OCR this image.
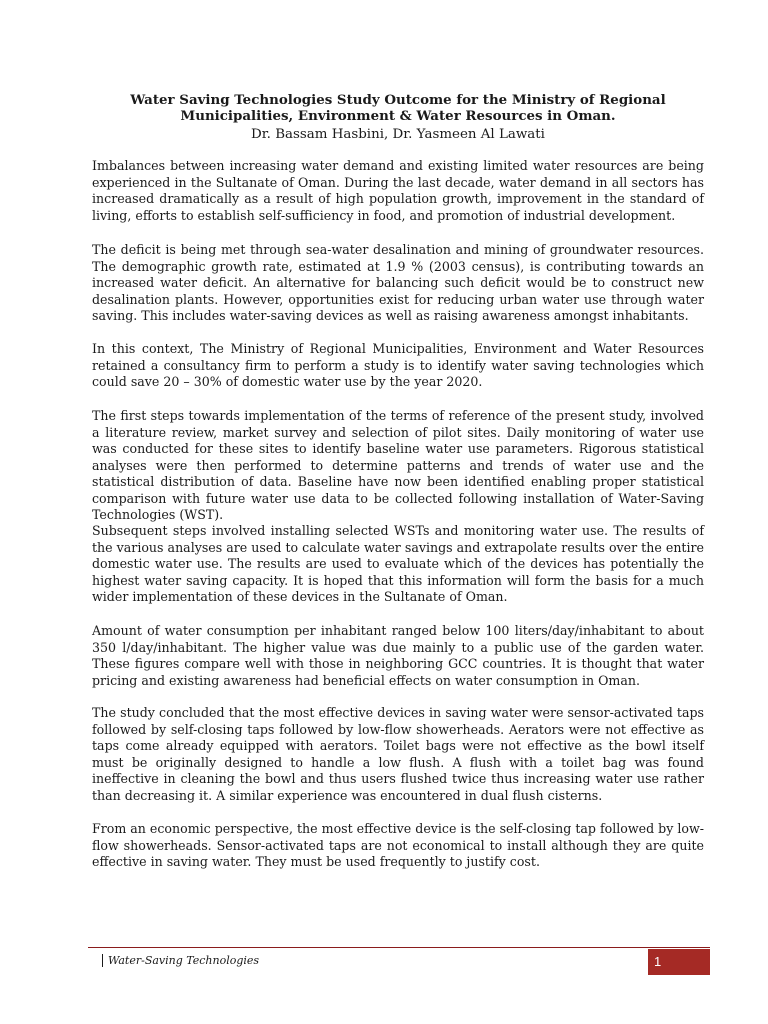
Water Saving Technologies Study Outcome for the Ministry of Regional Municipalities, Environment & Water Resources in Oman.

Dr. Bassam Hasbini, Dr. Yasmeen Al Lawati

Imbalances between increasing water demand and existing limited water resources are being experienced in the Sultanate of Oman. During the last decade, water demand in all sectors has increased dramatically as a result of high population growth, improvement in the standard of living, efforts to establish self-sufficiency in food, and promotion of industrial development.

The deficit is being met through sea-water desalination and mining of groundwater resources. The demographic growth rate, estimated at 1.9 % (2003 census), is contributing towards an increased water deficit. An alternative for balancing such deficit would be to construct new desalination plants. However, opportunities exist for reducing urban water use through water saving. This includes water-saving devices as well as raising awareness amongst inhabitants.

In this context, The Ministry of Regional Municipalities, Environment and Water Resources retained a consultancy firm to perform a study is to identify water saving technologies which could save 20 – 30% of domestic water use by the year 2020.

The first steps towards implementation of the terms of reference of the present study, involved a literature review, market survey and selection of pilot sites. Daily monitoring of water use was conducted for these sites to identify baseline water use parameters. Rigorous statistical analyses were then performed to determine patterns and trends of water use and the statistical distribution of data. Baseline have now been identified enabling proper statistical comparison with future water use data to be collected following installation of Water-Saving Technologies (WST).

Subsequent steps involved installing selected WSTs and monitoring water use. The results of the various analyses are used to calculate water savings and extrapolate results over the entire domestic water use. The results are used to evaluate which of the devices has potentially the highest water saving capacity. It is hoped that this information will form the basis for a much wider implementation of these devices in the Sultanate of Oman.

Amount of water consumption per inhabitant ranged below 100 liters/day/inhabitant to about 350 l/day/inhabitant. The higher value was due mainly to a public use of the garden water. These figures compare well with those in neighboring GCC countries. It is thought that water pricing and existing awareness had beneficial effects on water consumption in Oman.

The study concluded that the most effective devices in saving water were sensor-activated taps followed by self-closing taps followed by low-flow showerheads. Aerators were not effective as taps come already equipped with aerators. Toilet bags were not effective as the bowl itself must be originally designed to handle a low flush. A flush with a toilet bag was found ineffective in cleaning the bowl and thus users flushed twice thus increasing water use rather than decreasing it. A similar experience was encountered in dual flush cisterns.

From an economic perspective, the most effective device is the self-closing tap followed by low-flow showerheads. Sensor-activated taps are not economical to install although they are quite effective in saving water. They must be used frequently to justify cost.

Water-Saving Technologies	1
